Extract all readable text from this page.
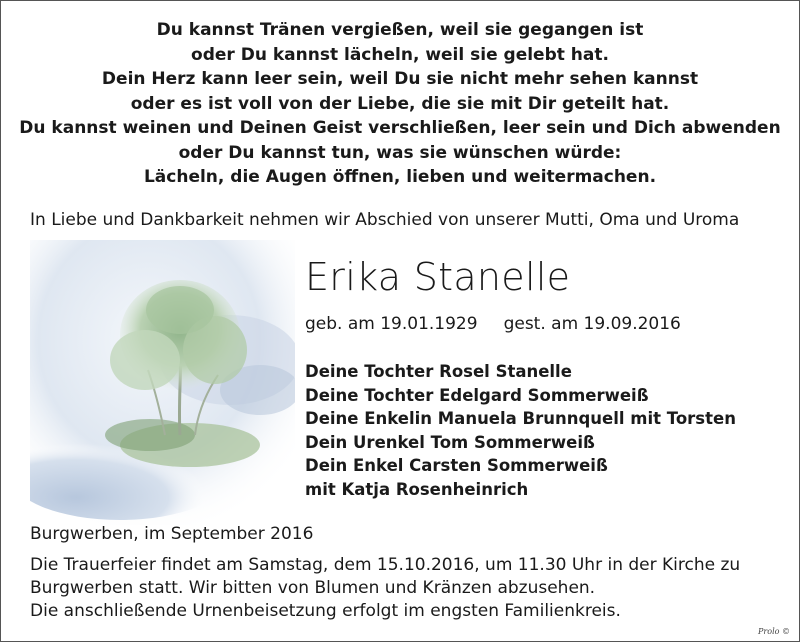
Du kannst Tränen vergießen, weil sie gegangen ist
oder Du kannst lächeln, weil sie gelebt hat.
Dein Herz kann leer sein, weil Du sie nicht mehr sehen kannst
oder es ist voll von der Liebe, die sie mit Dir geteilt hat.
Du kannst weinen und Deinen Geist verschließen, leer sein und Dich abwenden
oder Du kannst tun, was sie wünschen würde:
Lächeln, die Augen öffnen, lieben und weitermachen.
In Liebe und Dankbarkeit nehmen wir Abschied von unserer Mutti, Oma und Uroma
Erika Stanelle
geb. am 19.01.1929 gest. am 19.09.2016
Deine Tochter Rosel Stanelle
Deine Tochter Edelgard Sommerweiß
Deine Enkelin Manuela Brunnquell mit Torsten
Dein Urenkel Tom Sommerweiß
Dein Enkel Carsten Sommerweiß
mit Katja Rosenheinrich
Burgwerben, im September 2016
Die Trauerfeier findet am Samstag, dem 15.10.2016, um 11.30 Uhr in der Kirche zu
Burgwerben statt. Wir bitten von Blumen und Kränzen abzusehen.
Die anschließende Urnenbeisetzung erfolgt im engsten Familienkreis.
Prolo ©
